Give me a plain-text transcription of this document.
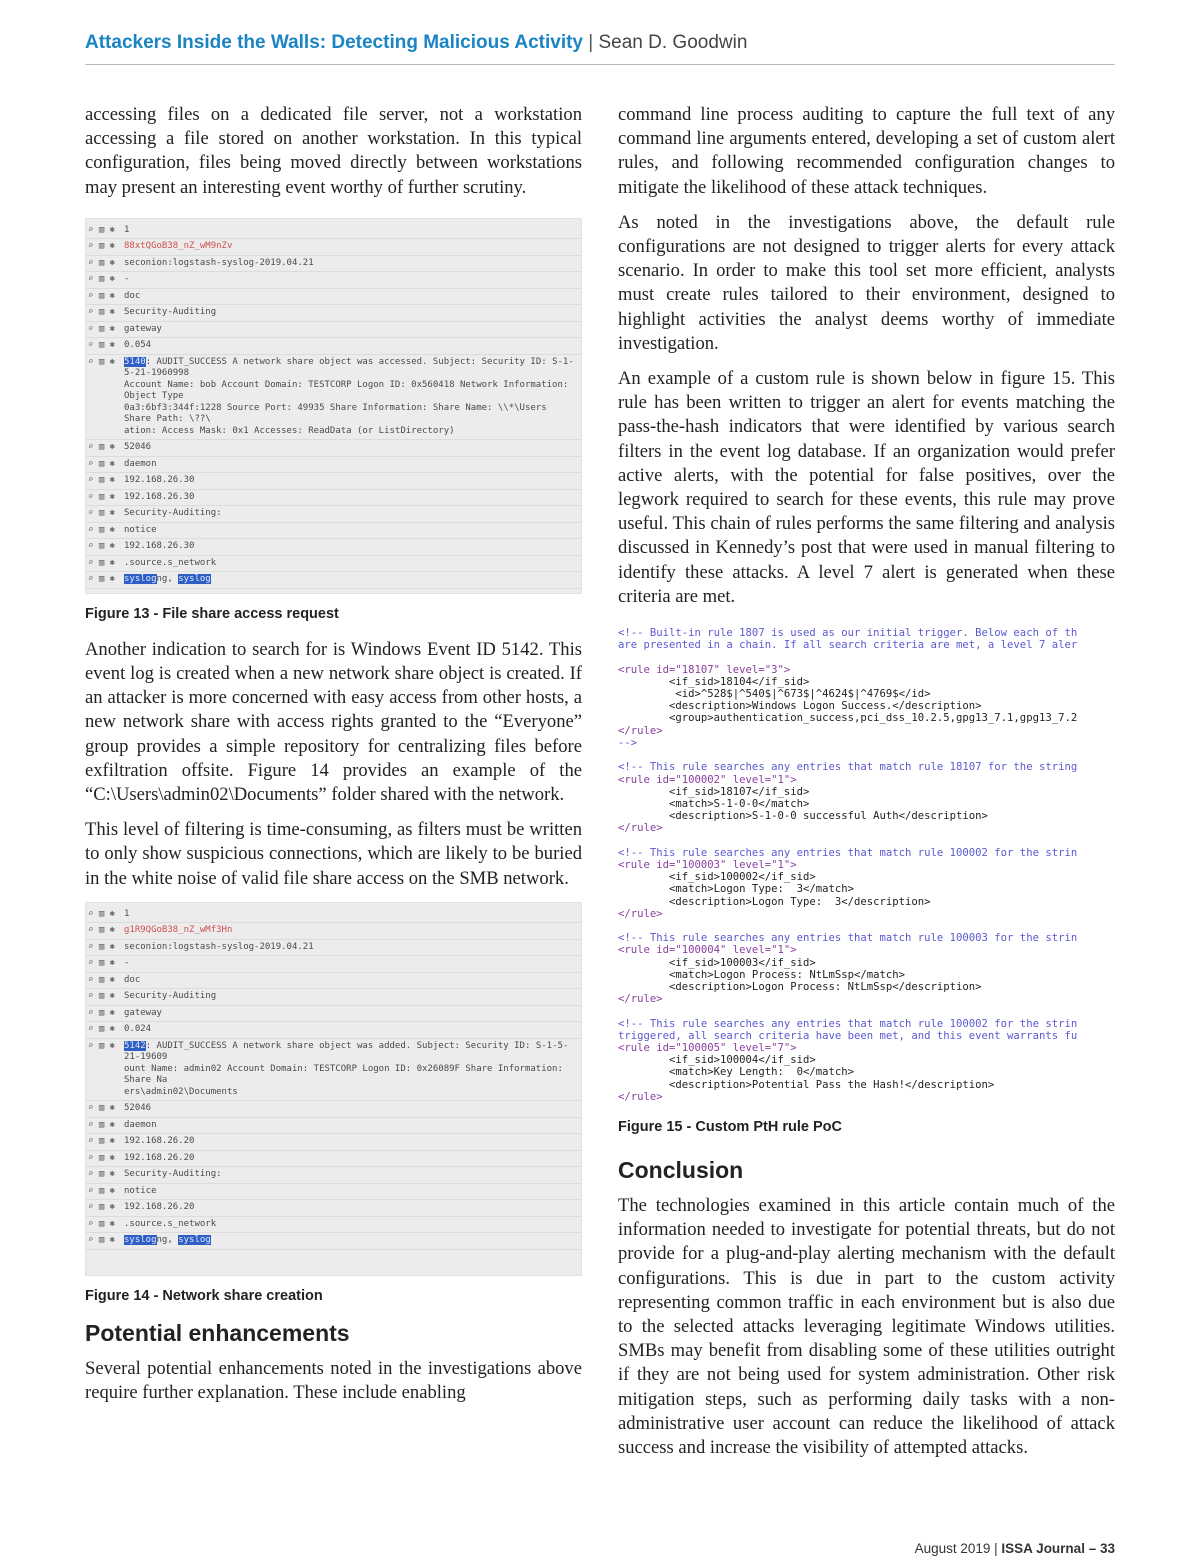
Attackers Inside the Walls: Detecting Malicious Activity | Sean D. Goodwin

accessing files on a dedicated file server, not a workstation accessing a file stored on another workstation. In this typical configuration, files being moved directly between workstations may present an interesting event worthy of further scrutiny.

⌕ ▥ ✱ 1
⌕ ▥ ✱ 88xtQGoB38_nZ_wM9nZv
⌕ ▥ ✱ seconion:logstash-syslog-2019.04.21
⌕ ▥ ✱ -
⌕ ▥ ✱ doc
⌕ ▥ ✱ Security-Auditing
⌕ ▥ ✱ gateway
⌕ ▥ ✱ 0.054
⌕ ▥ ✱ 5140: AUDIT_SUCCESS A network share object was accessed. Subject: Security ID: S-1-5-21-1960998
Account Name: bob Account Domain: TESTCORP Logon ID: 0x560418 Network Information: Object Type
0a3:6bf3:344f:1228 Source Port: 49935 Share Information: Share Name: \\*\Users Share Path: \??\
ation: Access Mask: 0x1 Accesses: ReadData (or ListDirectory)
⌕ ▥ ✱ 52046
⌕ ▥ ✱ daemon
⌕ ▥ ✱ 192.168.26.30
⌕ ▥ ✱ 192.168.26.30
⌕ ▥ ✱ Security-Auditing:
⌕ ▥ ✱ notice
⌕ ▥ ✱ 192.168.26.30
⌕ ▥ ✱ .source.s_network
⌕ ▥ ✱ syslogng, syslog
Figure 13 - File share access request

Another indication to search for is Windows Event ID 5142. This event log is created when a new network share object is created. If an attacker is more concerned with easy access from other hosts, a new network share with access rights granted to the “Everyone” group provides a simple repository for centralizing files before exfiltration offsite. Figure 14 provides an example of the “C:\Users\admin02\Documents” folder shared with the network.

This level of filtering is time-consuming, as filters must be written to only show suspicious connections, which are likely to be buried in the white noise of valid file share access on the SMB network.

⌕ ▥ ✱ 1
⌕ ▥ ✱ g1R9QGoB38_nZ_wMf3Hn
⌕ ▥ ✱ seconion:logstash-syslog-2019.04.21
⌕ ▥ ✱ -
⌕ ▥ ✱ doc
⌕ ▥ ✱ Security-Auditing
⌕ ▥ ✱ gateway
⌕ ▥ ✱ 0.024
⌕ ▥ ✱ 5142: AUDIT_SUCCESS A network share object was added. Subject: Security ID: S-1-5-21-19609
ount Name: admin02 Account Domain: TESTCORP Logon ID: 0x26089F Share Information: Share Na
ers\admin02\Documents
⌕ ▥ ✱ 52046
⌕ ▥ ✱ daemon
⌕ ▥ ✱ 192.168.26.20
⌕ ▥ ✱ 192.168.26.20
⌕ ▥ ✱ Security-Auditing:
⌕ ▥ ✱ notice
⌕ ▥ ✱ 192.168.26.20
⌕ ▥ ✱ .source.s_network
⌕ ▥ ✱ syslogng, syslog
Figure 14 - Network share creation
Potential enhancements

Several potential enhancements noted in the investigations above require further explanation. These include enabling

command line process auditing to capture the full text of any command line arguments entered, developing a set of custom alert rules, and following recommended configuration changes to mitigate the likelihood of these attack techniques.

As noted in the investigations above, the default rule configurations are not designed to trigger alerts for every attack scenario. In order to make this tool set more efficient, analysts must create rules tailored to their environment, designed to highlight activities the analyst deems worthy of immediate investigation.

An example of a custom rule is shown below in figure 15. This rule has been written to trigger an alert for events matching the pass-the-hash indicators that were identified by various search filters in the event log database. If an organization would prefer active alerts, with the potential for false positives, over the legwork required to search for these events, this rule may prove useful. This chain of rules performs the same filtering and analysis discussed in Kennedy’s post that were used in manual filtering to identify these attacks. A level 7 alert is generated when these criteria are met.

<!-- Built-in rule 1807 is used as our initial trigger. Below each of th
are presented in a chain. If all search criteria are met, a level 7 aler

<rule id="18107" level="3">
<if_sid>18104</if_sid>
<id>^528$|^540$|^673$|^4624$|^4769$</id>
<description>Windows Logon Success.</description>
<group>authentication_success,pci_dss_10.2.5,gpg13_7.1,gpg13_7.2
</rule>
-->

<!-- This rule searches any entries that match rule 18107 for the string
<rule id="100002" level="1">
<if_sid>18107</if_sid>
<match>S-1-0-0</match>
<description>S-1-0-0 successful Auth</description>
</rule>

<!-- This rule searches any entries that match rule 100002 for the strin
<rule id="100003" level="1">
<if_sid>100002</if_sid>
<match>Logon Type:  3</match>
<description>Logon Type:  3</description>
</rule>

<!-- This rule searches any entries that match rule 100003 for the strin
<rule id="100004" level="1">
<if_sid>100003</if_sid>
<match>Logon Process: NtLmSsp</match>
<description>Logon Process: NtLmSsp</description>
</rule>

<!-- This rule searches any entries that match rule 100002 for the strin
triggered, all search criteria have been met, and this event warrants fu
<rule id="100005" level="7">
<if_sid>100004</if_sid>
<match>Key Length:  0</match>
<description>Potential Pass the Hash!</description>
</rule>
Figure 15 - Custom PtH rule PoC
Conclusion

The technologies examined in this article contain much of the information needed to investigate for potential threats, but do not provide for a plug-and-play alerting mechanism with the default configurations. This is due in part to the custom activity representing common traffic in each environment but is also due to the selected attacks leveraging legitimate Windows utilities. SMBs may benefit from disabling some of these utilities outright if they are not being used for system administration. Other risk mitigation steps, such as performing daily tasks with a non-administrative user account can reduce the likelihood of attack success and increase the visibility of attempted attacks.

August 2019 | ISSA Journal – 33
